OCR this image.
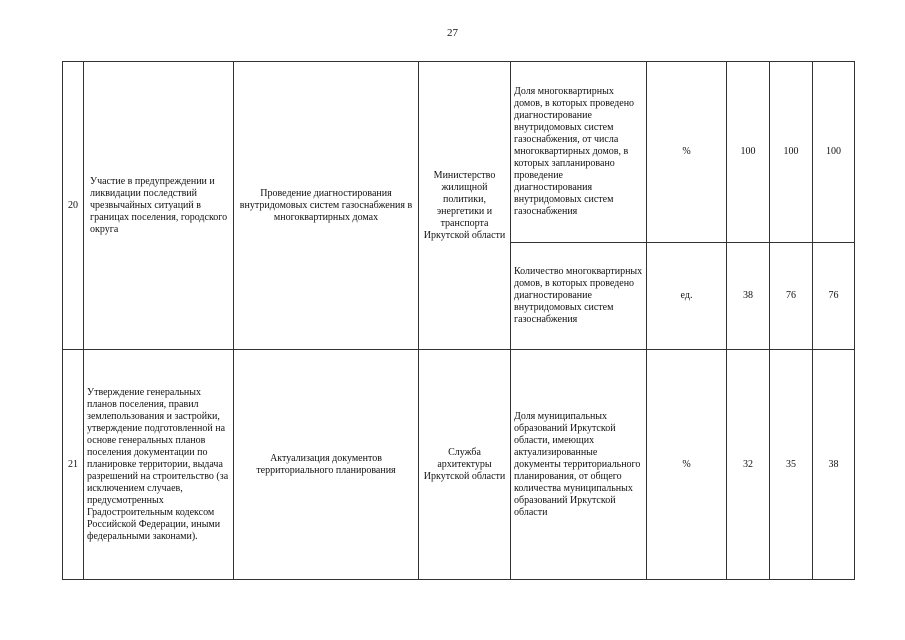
27
20	Участие в предупреждении и ликвидации последствий чрезвычайных ситуаций в границах поселения, городского округа	Проведение диагностирования внутридомовых систем газоснабжения в многоквартирных домах	Министерство жилищной политики, энергетики и транспорта Иркутской области	Доля многоквартирных домов, в которых проведено диагностирование внутридомовых систем газоснабжения, от числа многоквартирных домов, в которых запланировано проведение диагностирования внутридомовых систем газоснабжения	%	100	100	100
				Количество многоквартирных домов, в которых проведено диагностирование внутридомовых систем газоснабжения	ед.	38	76	76
21	Утверждение генеральных планов поселения, правил землепользования и застройки, утверждение подготовленной на основе генеральных планов поселения документации по планировке территории, выдача разрешений на строительство (за исключением случаев, предусмотренных Градостроительным кодексом Российской Федерации, иными федеральными законами).	Актуализация документов территориального планирования	Служба архитектуры Иркутской области	Доля муниципальных образований Иркутской области, имеющих актуализированные документы территориального планирования, от общего количества муниципальных образований Иркутской области	%	32	35	38
